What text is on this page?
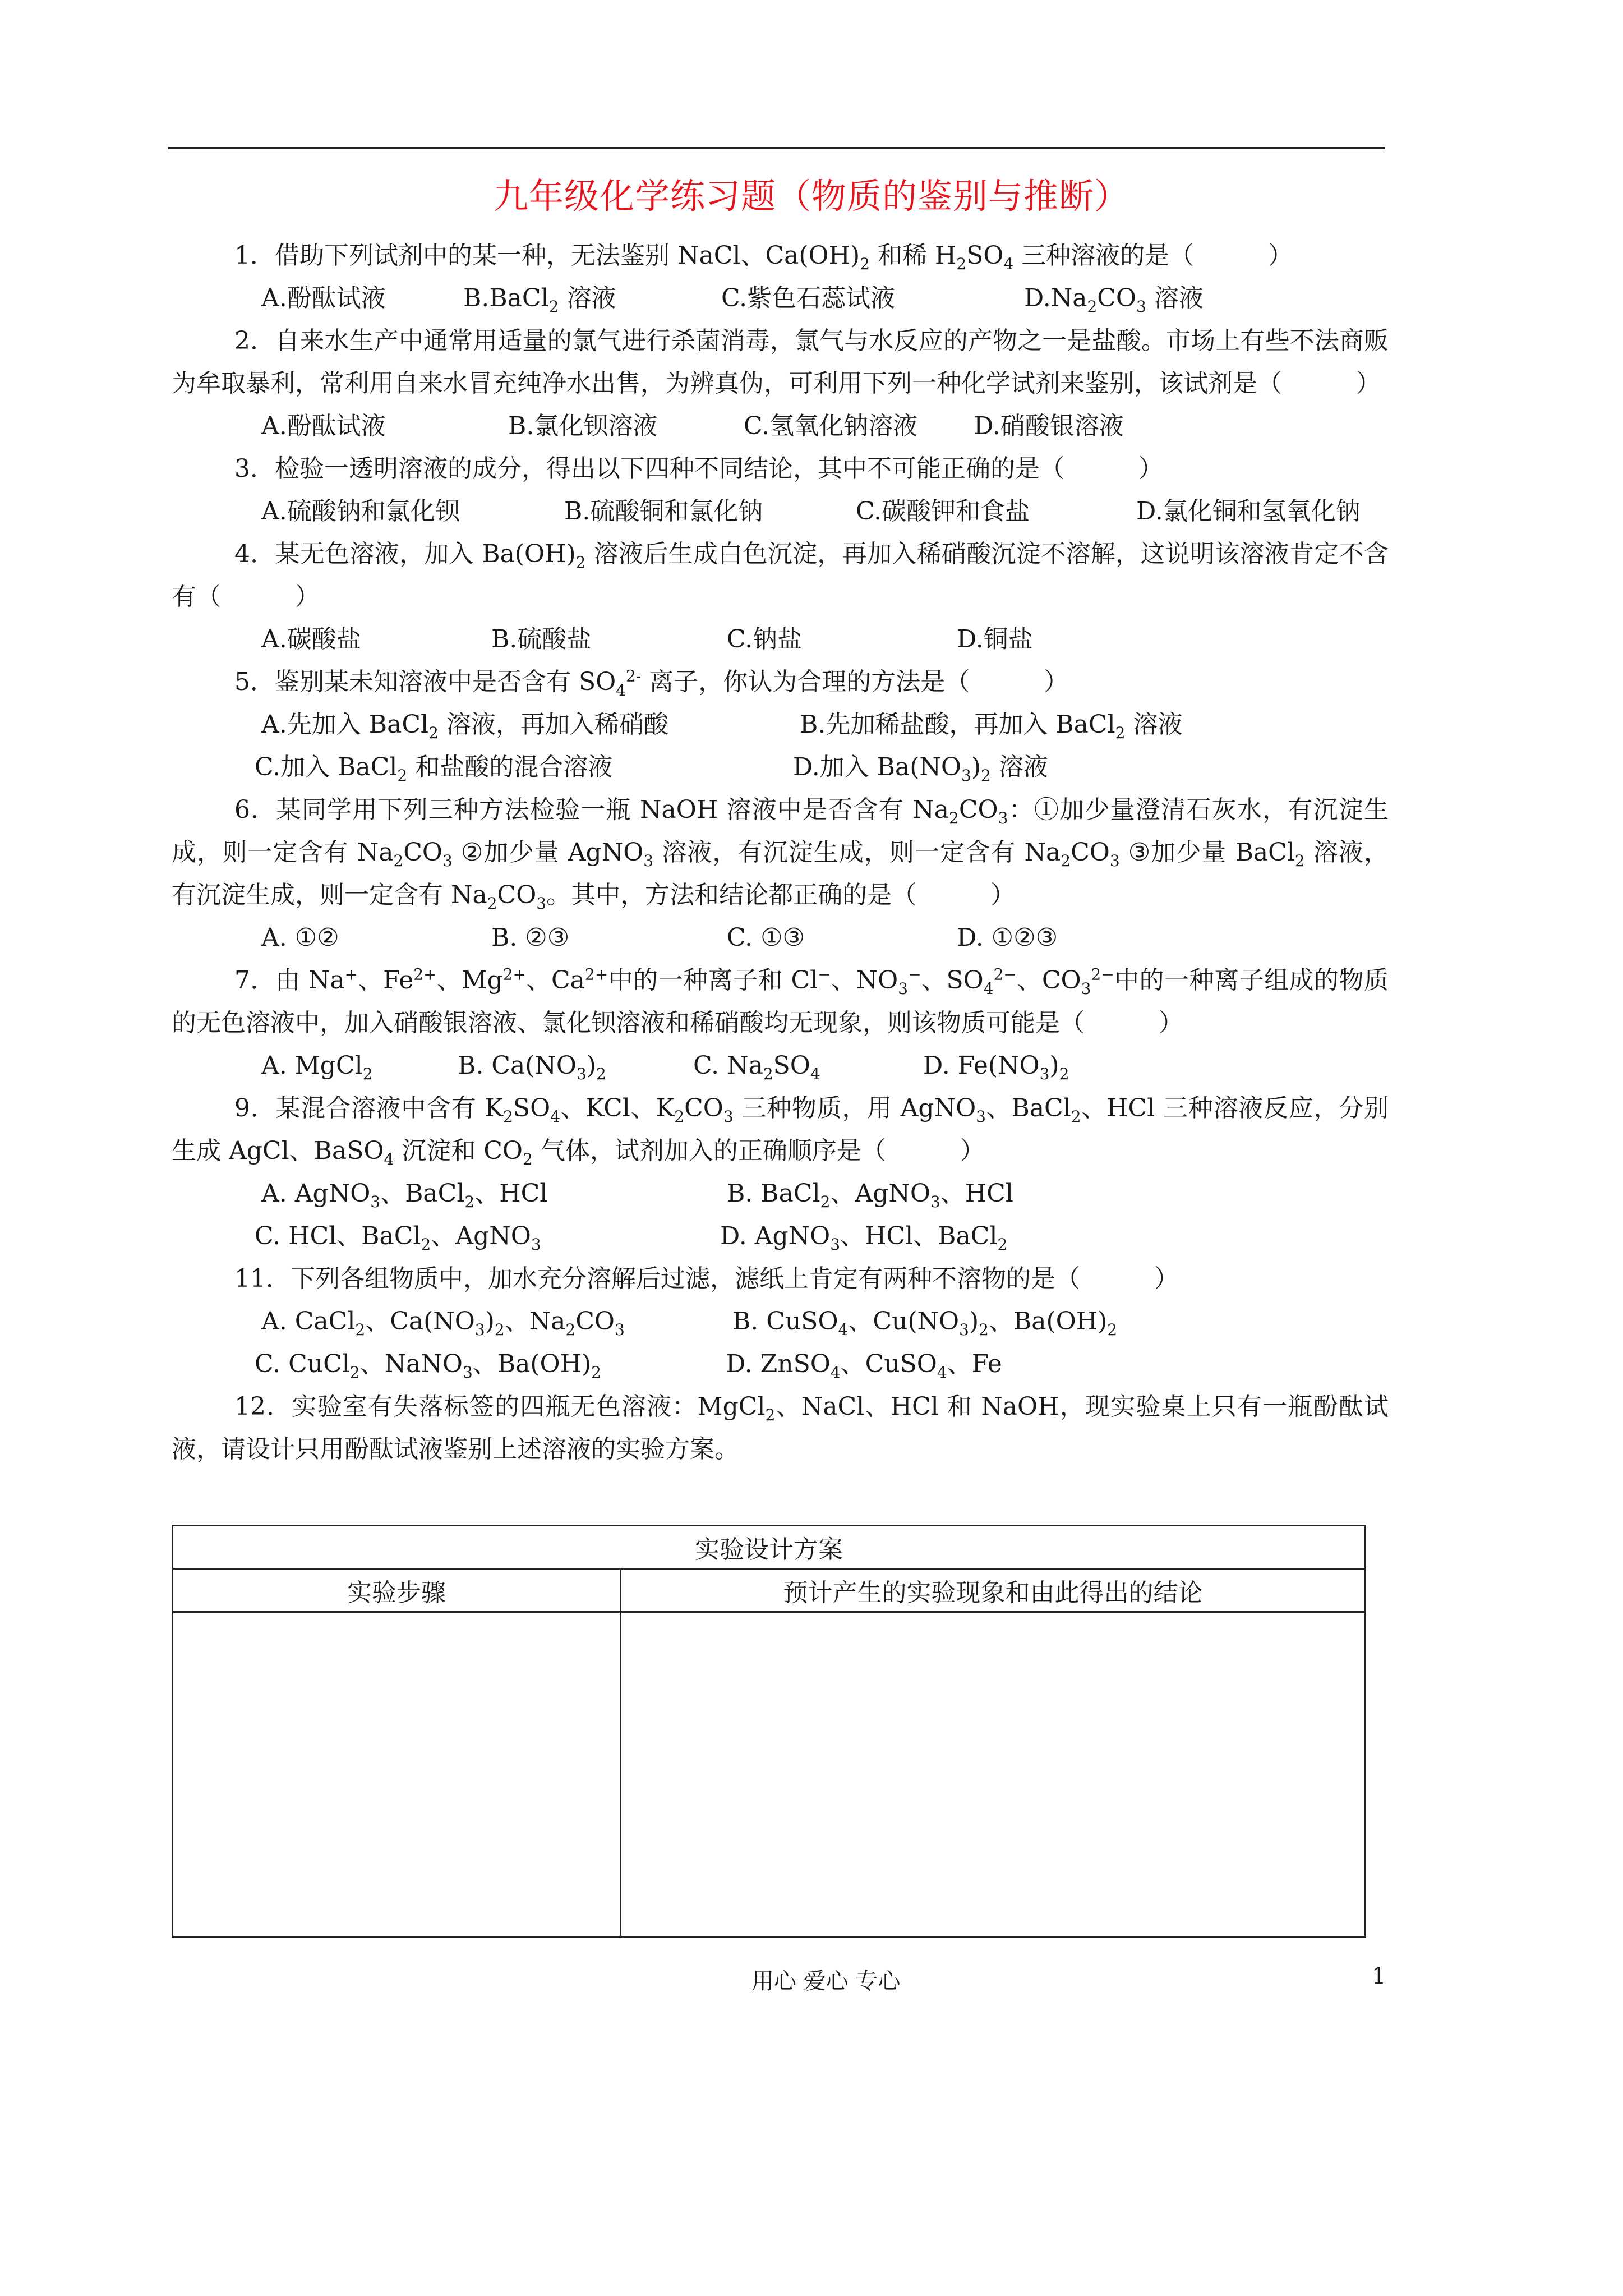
九年级化学练习题（物质的鉴别与推断）

1．借助下列试剂中的某一种，无法鉴别 NaCl、$Ca(OH)_2$ 和稀 $H_2SO_4$ 三种溶液的是（　　　）

A.酚酞试液	B.BaCl$_2$ 溶液	C.紫色石蕊试液	$D.Na_2CO_3$ 溶液

2．自来水生产中通常用适量的氯气进行杀菌消毒，氯气与水反应的产物之一是盐酸。市场上有些不法商贩为牟取暴利，常利用自来水冒充纯净水出售，为辨真伪，可利用下列一种化学试剂来鉴别，该试剂是（　　　）

A.酚酞试液	B.氯化钡溶液	C.氢氧化钠溶液	D.硝酸银溶液

3．检验一透明溶液的成分，得出以下四种不同结论，其中不可能正确的是（　　　）

A.硫酸钠和氯化钡	B.硫酸铜和氯化钠	C.碳酸钾和食盐	D.氯化铜和氢氧化钠

4．某无色溶液，加入 $Ba(OH)_2$ 溶液后生成白色沉淀，再加入稀硝酸沉淀不溶解，这说明该溶液肯定不含有（　　　）

A.碳酸盐	B.硫酸盐	C.钠盐	D.铜盐

5．鉴别某未知溶液中是否含有 $SO_4^{2-}$ 离子，你认为合理的方法是（　　　）

A.先加入 BaCl$_2$ 溶液，再加入稀硝酸	B.先加稀盐酸，再加入 BaCl$_2$ 溶液
C.加入 BaCl$_2$ 和盐酸的混合溶液	D.加入 $Ba(NO_3)_2$ 溶液

6．某同学用下列三种方法检验一瓶 NaOH 溶液中是否含有 $Na_2CO_3$：①加少量澄清石灰水，有沉淀生成，则一定含有 $Na_2CO_3$ ②加少量 AgNO$_3$ 溶液，有沉淀生成，则一定含有 $Na_2CO_3$ ③加少量 BaCl$_2$ 溶液，有沉淀生成，则一定含有 $Na_2CO_3$。其中，方法和结论都正确的是（　　　）

A. ①②	B. ②③	C. ①③	D. ①②③

7．由 Na+、$Fe^{2+}$、$Mg^{2+}$、$Ca^{2+}$中的一种离子和 Cl−、$NO_3^-$、$SO_4^{2-}$、$CO_3^{2-}$中的一种离子组成的物质的无色溶液中，加入硝酸银溶液、氯化钡溶液和稀硝酸均无现象，则该物质可能是（　　　）

A. MgCl$_2$	B. $Ca(NO_3)_2$	C. $Na_2SO_4$	D. $Fe(NO_3)_2$

9．某混合溶液中含有 $K_2SO_4$、KCl、$K_2CO_3$ 三种物质，用 AgNO$_3$、BaCl$_2$、HCl 三种溶液反应，分别生成 AgCl、BaSO$_4$ 沉淀和 $CO_2$ 气体，试剂加入的正确顺序是（　　　）

A. AgNO$_3$、BaCl$_2$、HCl	B. BaCl$_2$、AgNO$_3$、HCl
C. HCl、BaCl$_2$、AgNO$_3$	D. AgNO$_3$、HCl、BaCl$_2$

11．下列各组物质中，加水充分溶解后过滤，滤纸上肯定有两种不溶物的是（　　　）

A. CaCl$_2$、$Ca(NO_3)_2$、$Na_2CO_3$	B. CuSO$_4$、$Cu(NO_3)_2$、$Ba(OH)_2$
C. CuCl$_2$、NaNO$_3$、$Ba(OH)_2$	D. ZnSO$_4$、CuSO$_4$、Fe

12．实验室有失落标签的四瓶无色溶液：MgCl$_2$、NaCl、HCl 和 NaOH，现实验桌上只有一瓶酚酞试液，请设计只用酚酞试液鉴别上述溶液的实验方案。

实验设计方案	
实验步骤	预计产生的实验现象和由此得出的结论

用心 爱心 专心	1
